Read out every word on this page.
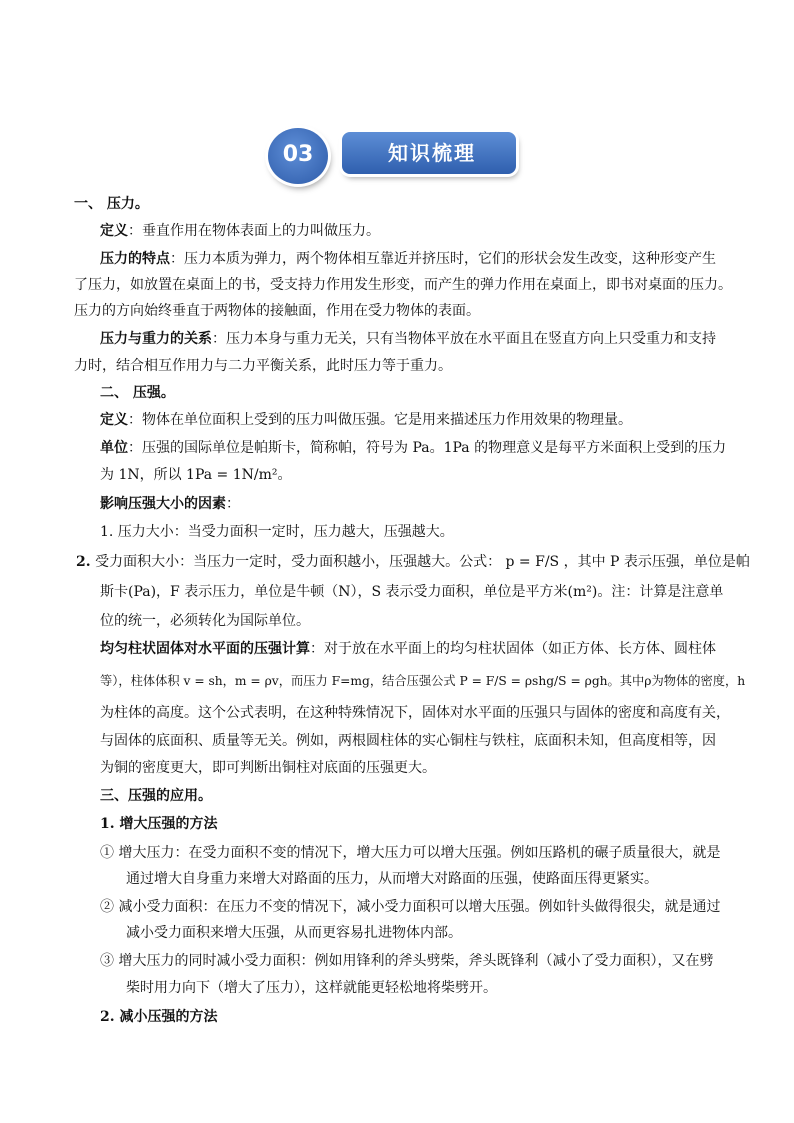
知识梳理
03
一、 压力。
定义：垂直作用在物体表面上的力叫做压力。
压力的特点：压力本质为弹力，两个物体相互靠近并挤压时，它们的形状会发生改变，这种形变产生
了压力，如放置在桌面上的书，受支持力作用发生形变，而产生的弹力作用在桌面上，即书对桌面的压力。
压力的方向始终垂直于两物体的接触面，作用在受力物体的表面。
压力与重力的关系：压力本身与重力无关，只有当物体平放在水平面且在竖直方向上只受重力和支持
力时，结合相互作用力与二力平衡关系，此时压力等于重力。
二、 压强。
定义：物体在单位面积上受到的压力叫做压强。它是用来描述压力作用效果的物理量。
单位：压强的国际单位是帕斯卡，简称帕，符号为 Pa。1Pa 的物理意义是每平方米面积上受到的压力
为 1N，所以 1Pa = 1N/m²。
影响压强大小的因素：
1. 压力大小：当受力面积一定时，压力越大，压强越大。
2. 受力面积大小：当压力一定时，受力面积越小，压强越大。公式： p = F/S ，其中 P 表示压强，单位是帕
斯卡(Pa)，F 表示压力，单位是牛顿（N），S 表示受力面积，单位是平方米(m²)。注：计算是注意单
位的统一，必须转化为国际单位。
均匀柱状固体对水平面的压强计算：对于放在水平面上的均匀柱状固体（如正方体、长方体、圆柱体
等），柱体体积 v = sh，m = ρv，而压力 F=mg，结合压强公式 P = F/S = ρshg/S = ρgh。其中ρ为物体的密度，h
为柱体的高度。这个公式表明，在这种特殊情况下，固体对水平面的压强只与固体的密度和高度有关，
与固体的底面积、质量等无关。例如，两根圆柱体的实心铜柱与铁柱，底面积未知，但高度相等，因
为铜的密度更大，即可判断出铜柱对底面的压强更大。
三、压强的应用。
1. 增大压强的方法
① 增大压力：在受力面积不变的情况下，增大压力可以增大压强。例如压路机的碾子质量很大，就是
通过增大自身重力来增大对路面的压力，从而增大对路面的压强，使路面压得更紧实。
② 减小受力面积：在压力不变的情况下，减小受力面积可以增大压强。例如针头做得很尖，就是通过
减小受力面积来增大压强，从而更容易扎进物体内部。
③ 增大压力的同时减小受力面积：例如用锋利的斧头劈柴，斧头既锋利（减小了受力面积），又在劈
柴时用力向下（增大了压力），这样就能更轻松地将柴劈开。
2. 减小压强的方法
